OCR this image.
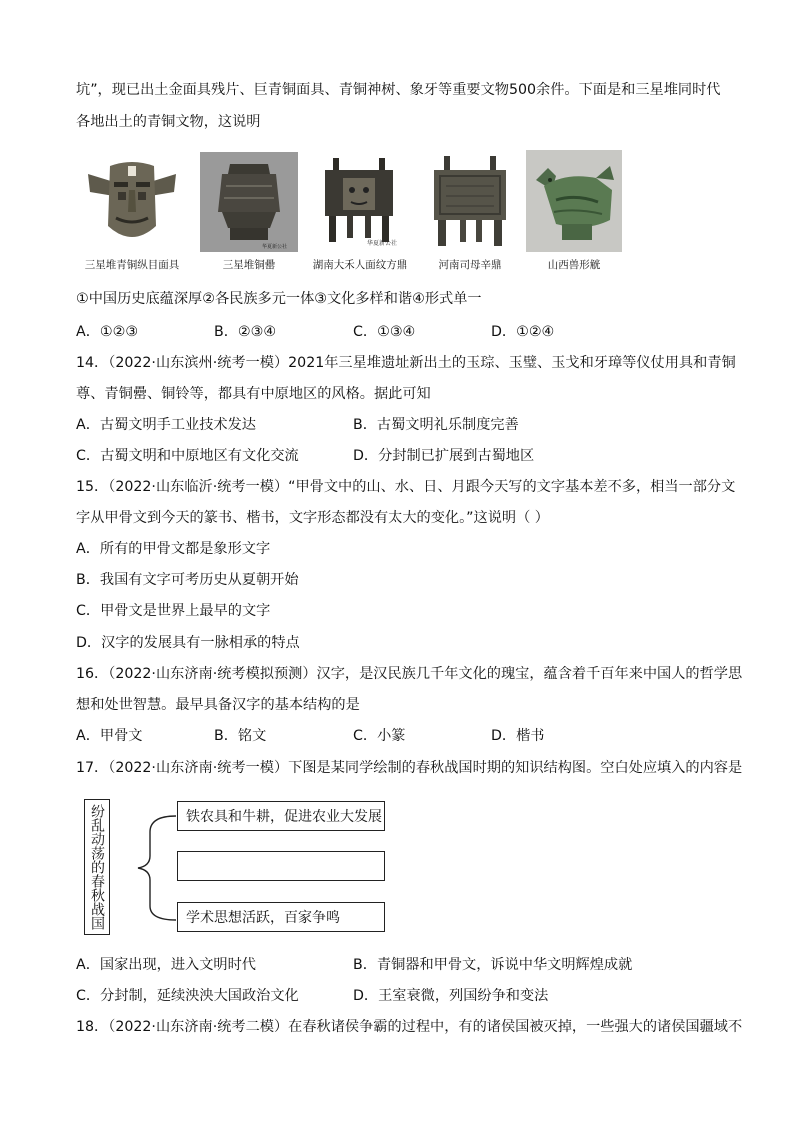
坑”，现已出土金面具残片、巨青铜面具、青铜神树、象牙等重要文物500余件。下面是和三星堆同时代
各地出土的青铜文物，这说明
三星堆青铜纵目面具
华夏新公社
三星堆铜罍
华夏新公社
湖南大禾人面纹方鼎	河南司母辛鼎	山西兽形觥
①中国历史底蕴深厚②各民族多元一体③文化多样和谐④形式单一
A．①②③	B．②③④	C．①③④	D．①②④
14．（2022·山东滨州·统考一模）2021年三星堆遗址新出土的玉琮、玉璧、玉戈和牙璋等仪仗用具和青铜
尊、青铜罍、铜铃等，都具有中原地区的风格。据此可知
A．古蜀文明手工业技术发达	B．古蜀文明礼乐制度完善
C．古蜀文明和中原地区有文化交流	D．分封制已扩展到古蜀地区
15．（2022·山东临沂·统考一模）“甲骨文中的山、水、日、月跟今天写的文字基本差不多，相当一部分文
字从甲骨文到今天的篆书、楷书，文字形态都没有太大的变化。”这说明（ ）
A．所有的甲骨文都是象形文字
B．我国有文字可考历史从夏朝开始
C．甲骨文是世界上最早的文字
D．汉字的发展具有一脉相承的特点
16．（2022·山东济南·统考模拟预测）汉字，是汉民族几千年文化的瑰宝，蕴含着千百年来中国人的哲学思
想和处世智慧。最早具备汉字的基本结构的是
A．甲骨文	B．铭文	C．小篆	D．楷书
17．（2022·山东济南·统考一模）下图是某同学绘制的春秋战国时期的知识结构图。空白处应填入的内容是
纷乱动荡的春秋战国	铁农具和牛耕，促进农业大发展
学术思想活跃，百家争鸣
A．国家出现，进入文明时代	B．青铜器和甲骨文，诉说中华文明辉煌成就
C．分封制，延续泱泱大国政治文化	D．王室衰微，列国纷争和变法
18．（2022·山东济南·统考二模）在春秋诸侯争霸的过程中，有的诸侯国被灭掉，一些强大的诸侯国疆域不
